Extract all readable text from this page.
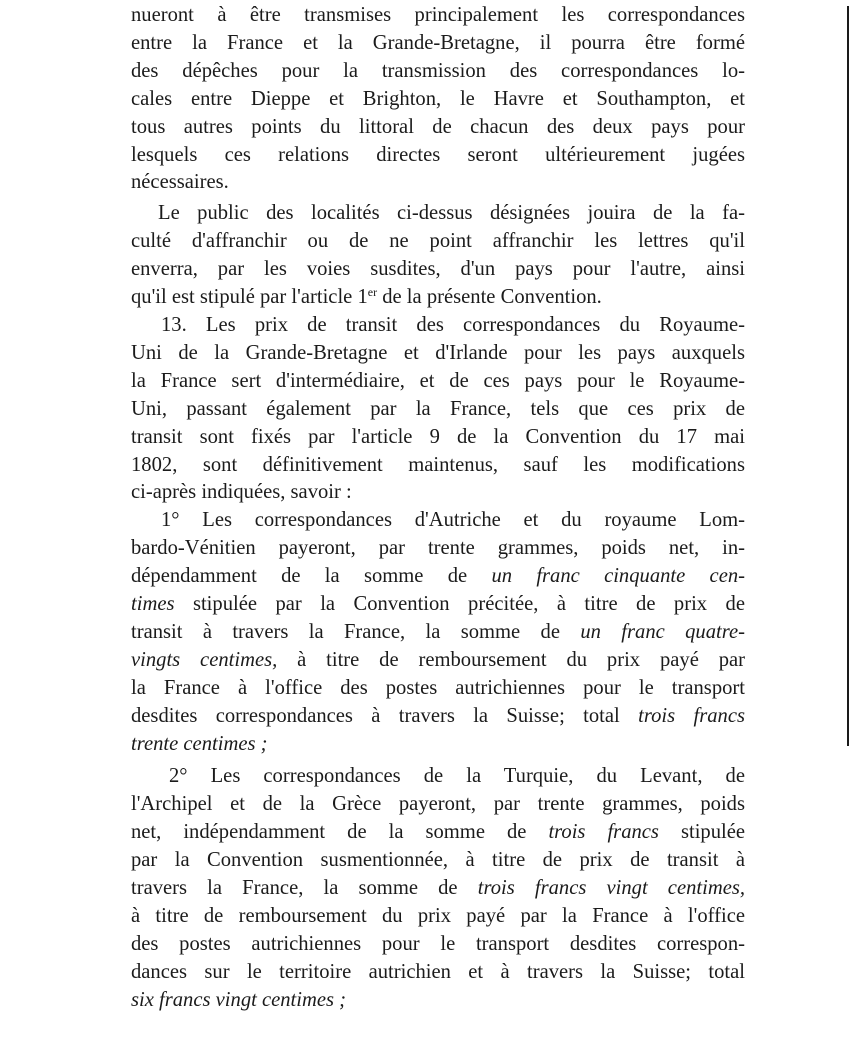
nueront à être transmises principalement les correspondances
entre la France et la Grande-Bretagne, il pourra être formé
des dépêches pour la transmission des correspondances lo-
cales entre Dieppe et Brighton, le Havre et Southampton, et
tous autres points du littoral de chacun des deux pays pour
lesquels ces relations directes seront ultérieurement jugées
nécessaires.
Le public des localités ci-dessus désignées jouira de la fa-
culté d'affranchir ou de ne point affranchir les lettres qu'il
enverra, par les voies susdites, d'un pays pour l'autre, ainsi
qu'il est stipulé par l'article 1er de la présente Convention.
13. Les prix de transit des correspondances du Royaume-
Uni de la Grande-Bretagne et d'Irlande pour les pays auxquels
la France sert d'intermédiaire, et de ces pays pour le Royaume-
Uni, passant également par la France, tels que ces prix de
transit sont fixés par l'article 9 de la Convention du 17 mai
1802, sont définitivement maintenus, sauf les modifications
ci-après indiquées, savoir :
1° Les correspondances d'Autriche et du royaume Lom-
bardo-Vénitien payeront, par trente grammes, poids net, in-
dépendamment de la somme de un franc cinquante cen-
times stipulée par la Convention précitée, à titre de prix de
transit à travers la France, la somme de un franc quatre-
vingts centimes, à titre de remboursement du prix payé par
la France à l'office des postes autrichiennes pour le transport
desdites correspondances à travers la Suisse; total trois francs
trente centimes ;
2° Les correspondances de la Turquie, du Levant, de
l'Archipel et de la Grèce payeront, par trente grammes, poids
net, indépendamment de la somme de trois francs stipulée
par la Convention susmentionnée, à titre de prix de transit à
travers la France, la somme de trois francs vingt centimes,
à titre de remboursement du prix payé par la France à l'office
des postes autrichiennes pour le transport desdites correspon-
dances sur le territoire autrichien et à travers la Suisse; total
six francs vingt centimes ;
